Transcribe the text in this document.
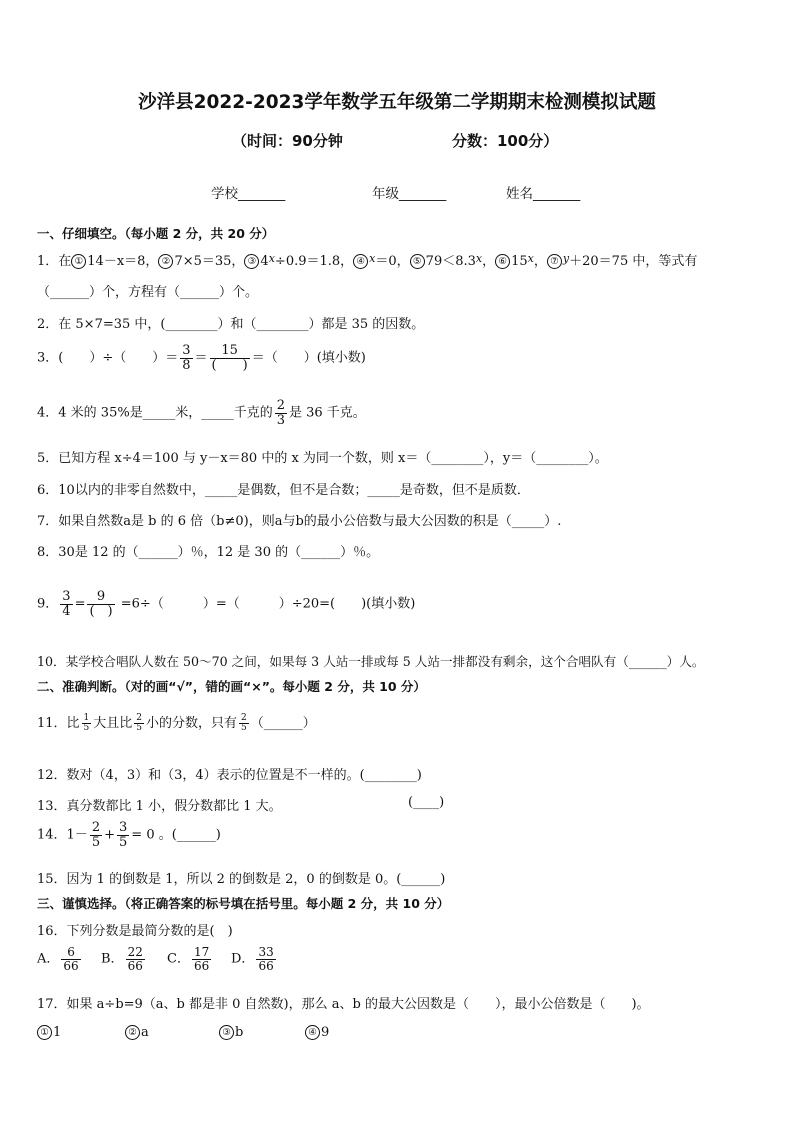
沙洋县2022-2023学年数学五年级第二学期期末检测模拟试题
（时间：90分钟	分数：100分）
学校_______	年级_______	姓名_______
一、仔细填空。（每小题 2 分，共 20 分）
1．在 ① 14－x＝8， ② 7×5＝35， ③ $4^x\div 0.9=1.8$， ④ $^x$＝0， ⑤ $79<8.3^x$， ⑥ 15$^x$， ⑦ $^y$＋20＝75 中，等式有
（______）个，方程有（______）个。
2．在 5×7=35 中，(________）和（________）都是 35 的因数。
3．(　　）÷（　　）＝ $\frac{3}{8} = \frac{15}{( )}$ ＝（　　）(填小数)
4．4 米的 35%是_____米，_____千克的 $\frac{2}{3}$ 是 36 千克。
5．已知方程 x÷4＝100 与 y－x＝80 中的 x 为同一个数，则 x＝（________），y＝（________）。
6．10以内的非零自然数中，_____是偶数，但不是合数；_____是奇数，但不是质数．
7．如果自然数a是 b 的 6 倍（b≠0)，则a与b的最小公倍数与最大公因数的积是（_____）.
8．30是 12 的（______）％，12 是 30 的（______）％。
9． $\frac{3}{4} = \frac{9}{( )} =6\div$（　　　）=（　　　）÷20=(　　)(填小数)
10．某学校合唱队人数在 50～70 之间，如果每 3 人站一排或每 5 人站一排都没有剩余，这个合唱队有（______）人。
二、准确判断。（对的画“√”，错的画“×”。每小题 2 分，共 10 分）
11．比 $\frac{1}{5}$ 大且比 $\frac{2}{5}$ 小的分数，只有 $\frac{2}{5}$ （______）
12．数对（4，3）和（3，4）表示的位置是不一样的。(________)
13．真分数都比 1 小，假分数都比 1 大。	(____)
14．$1- \frac{2}{5} + \frac{3}{5} = 0$ 。(______)
15．因为 1 的倒数是 1，所以 2 的倒数是 2，0 的倒数是 0。(______)
三、谨慎选择。（将正确答案的标号填在括号里。每小题 2 分，共 10 分）
16．下列分数是最简分数的是(　)
A． $\frac{6}{66}$ B． $\frac{22}{66}$ C． $\frac{17}{66}$ D． $\frac{33}{66}$
17．如果 a÷b=9（a、b 都是非 0 自然数)，那么 a、b 的最大公因数是（　　），最小公倍数是（　　)。
① 1	② a	③ b	④ 9
